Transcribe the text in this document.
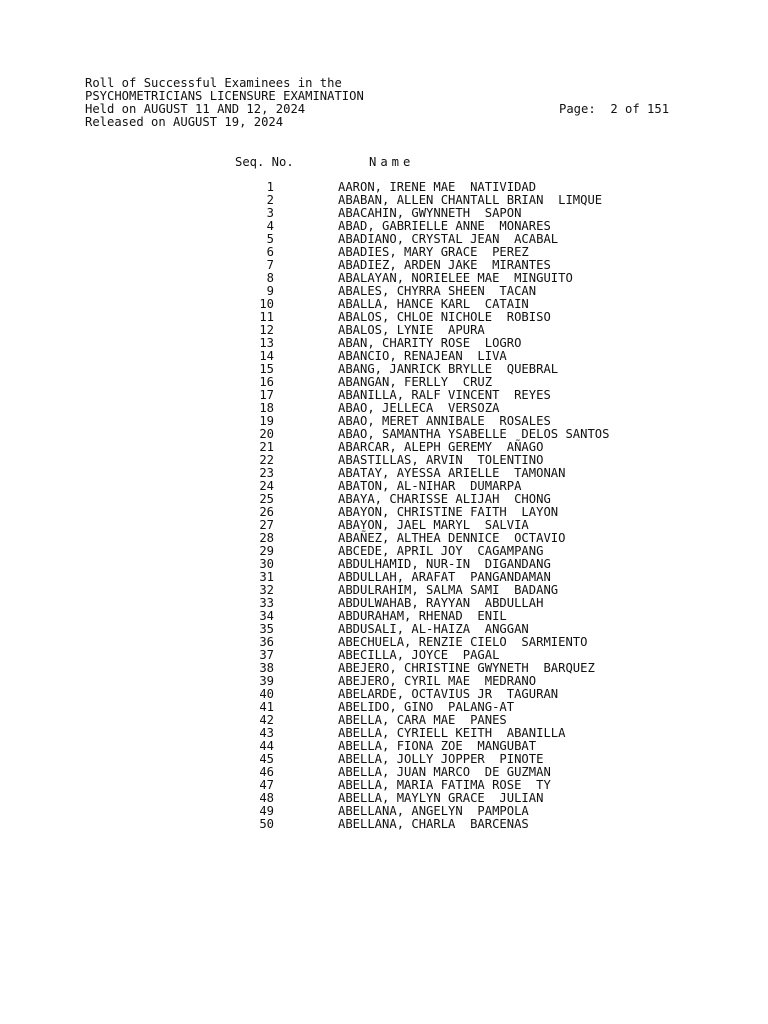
Roll of Successful Examinees in the
PSYCHOMETRICIANS LICENSURE EXAMINATION
Held on AUGUST 11 AND 12, 2024	Page:  2 of 151
Released on AUGUST 19, 2024
Seq. No.	Name
1	AARON, IRENE MAE  NATIVIDAD
2	ABABAN, ALLEN CHANTALL BRIAN  LIMQUE
3	ABACAHIN, GWYNNETH  SAPON
4	ABAD, GABRIELLE ANNE  MONARES
5	ABADIANO, CRYSTAL JEAN  ACABAL
6	ABADIES, MARY GRACE  PEREZ
7	ABADIEZ, ARDEN JAKE  MIRANTES
8	ABALAYAN, NORIELEE MAE  MINGUITO
9	ABALES, CHYRRA SHEEN  TACAN
10	ABALLA, HANCE KARL  CATAIN
11	ABALOS, CHLOE NICHOLE  ROBISO
12	ABALOS, LYNIE  APURA
13	ABAN, CHARITY ROSE  LOGRO
14	ABANCIO, RENAJEAN  LIVA
15	ABANG, JANRICK BRYLLE  QUEBRAL
16	ABANGAN, FERLLY  CRUZ
17	ABANILLA, RALF VINCENT  REYES
18	ABAO, JELLECA  VERSOZA
19	ABAO, MERET ANNIBALE  ROSALES
20	ABAO, SAMANTHA YSABELLE  DELOS SANTOS
21	ABARCAR, ALEPH GEREMY  AÑAGO
22	ABASTILLAS, ARVIN  TOLENTINO
23	ABATAY, AYESSA ARIELLE  TAMONAN
24	ABATON, AL-NIHAR  DUMARPA
25	ABAYA, CHARISSE ALIJAH  CHONG
26	ABAYON, CHRISTINE FAITH  LAYON
27	ABAYON, JAEL MARYL  SALVIA
28	ABAÑEZ, ALTHEA DENNICE  OCTAVIO
29	ABCEDE, APRIL JOY  CAGAMPANG
30	ABDULHAMID, NUR-IN  DIGANDANG
31	ABDULLAH, ARAFAT  PANGANDAMAN
32	ABDULRAHIM, SALMA SAMI  BADANG
33	ABDULWAHAB, RAYYAN  ABDULLAH
34	ABDURAHAM, RHENAD  ENIL
35	ABDUSALI, AL-HAIZA  ANGGAN
36	ABECHUELA, RENZIE CIELO  SARMIENTO
37	ABECILLA, JOYCE  PAGAL
38	ABEJERO, CHRISTINE GWYNETH  BARQUEZ
39	ABEJERO, CYRIL MAE  MEDRANO
40	ABELARDE, OCTAVIUS JR  TAGURAN
41	ABELIDO, GINO  PALANG-AT
42	ABELLA, CARA MAE  PANES
43	ABELLA, CYRIELL KEITH  ABANILLA
44	ABELLA, FIONA ZOE  MANGUBAT
45	ABELLA, JOLLY JOPPER  PINOTE
46	ABELLA, JUAN MARCO  DE GUZMAN
47	ABELLA, MARIA FATIMA ROSE  TY
48	ABELLA, MAYLYN GRACE  JULIAN
49	ABELLANA, ANGELYN  PAMPOLA
50	ABELLANA, CHARLA  BARCENAS
